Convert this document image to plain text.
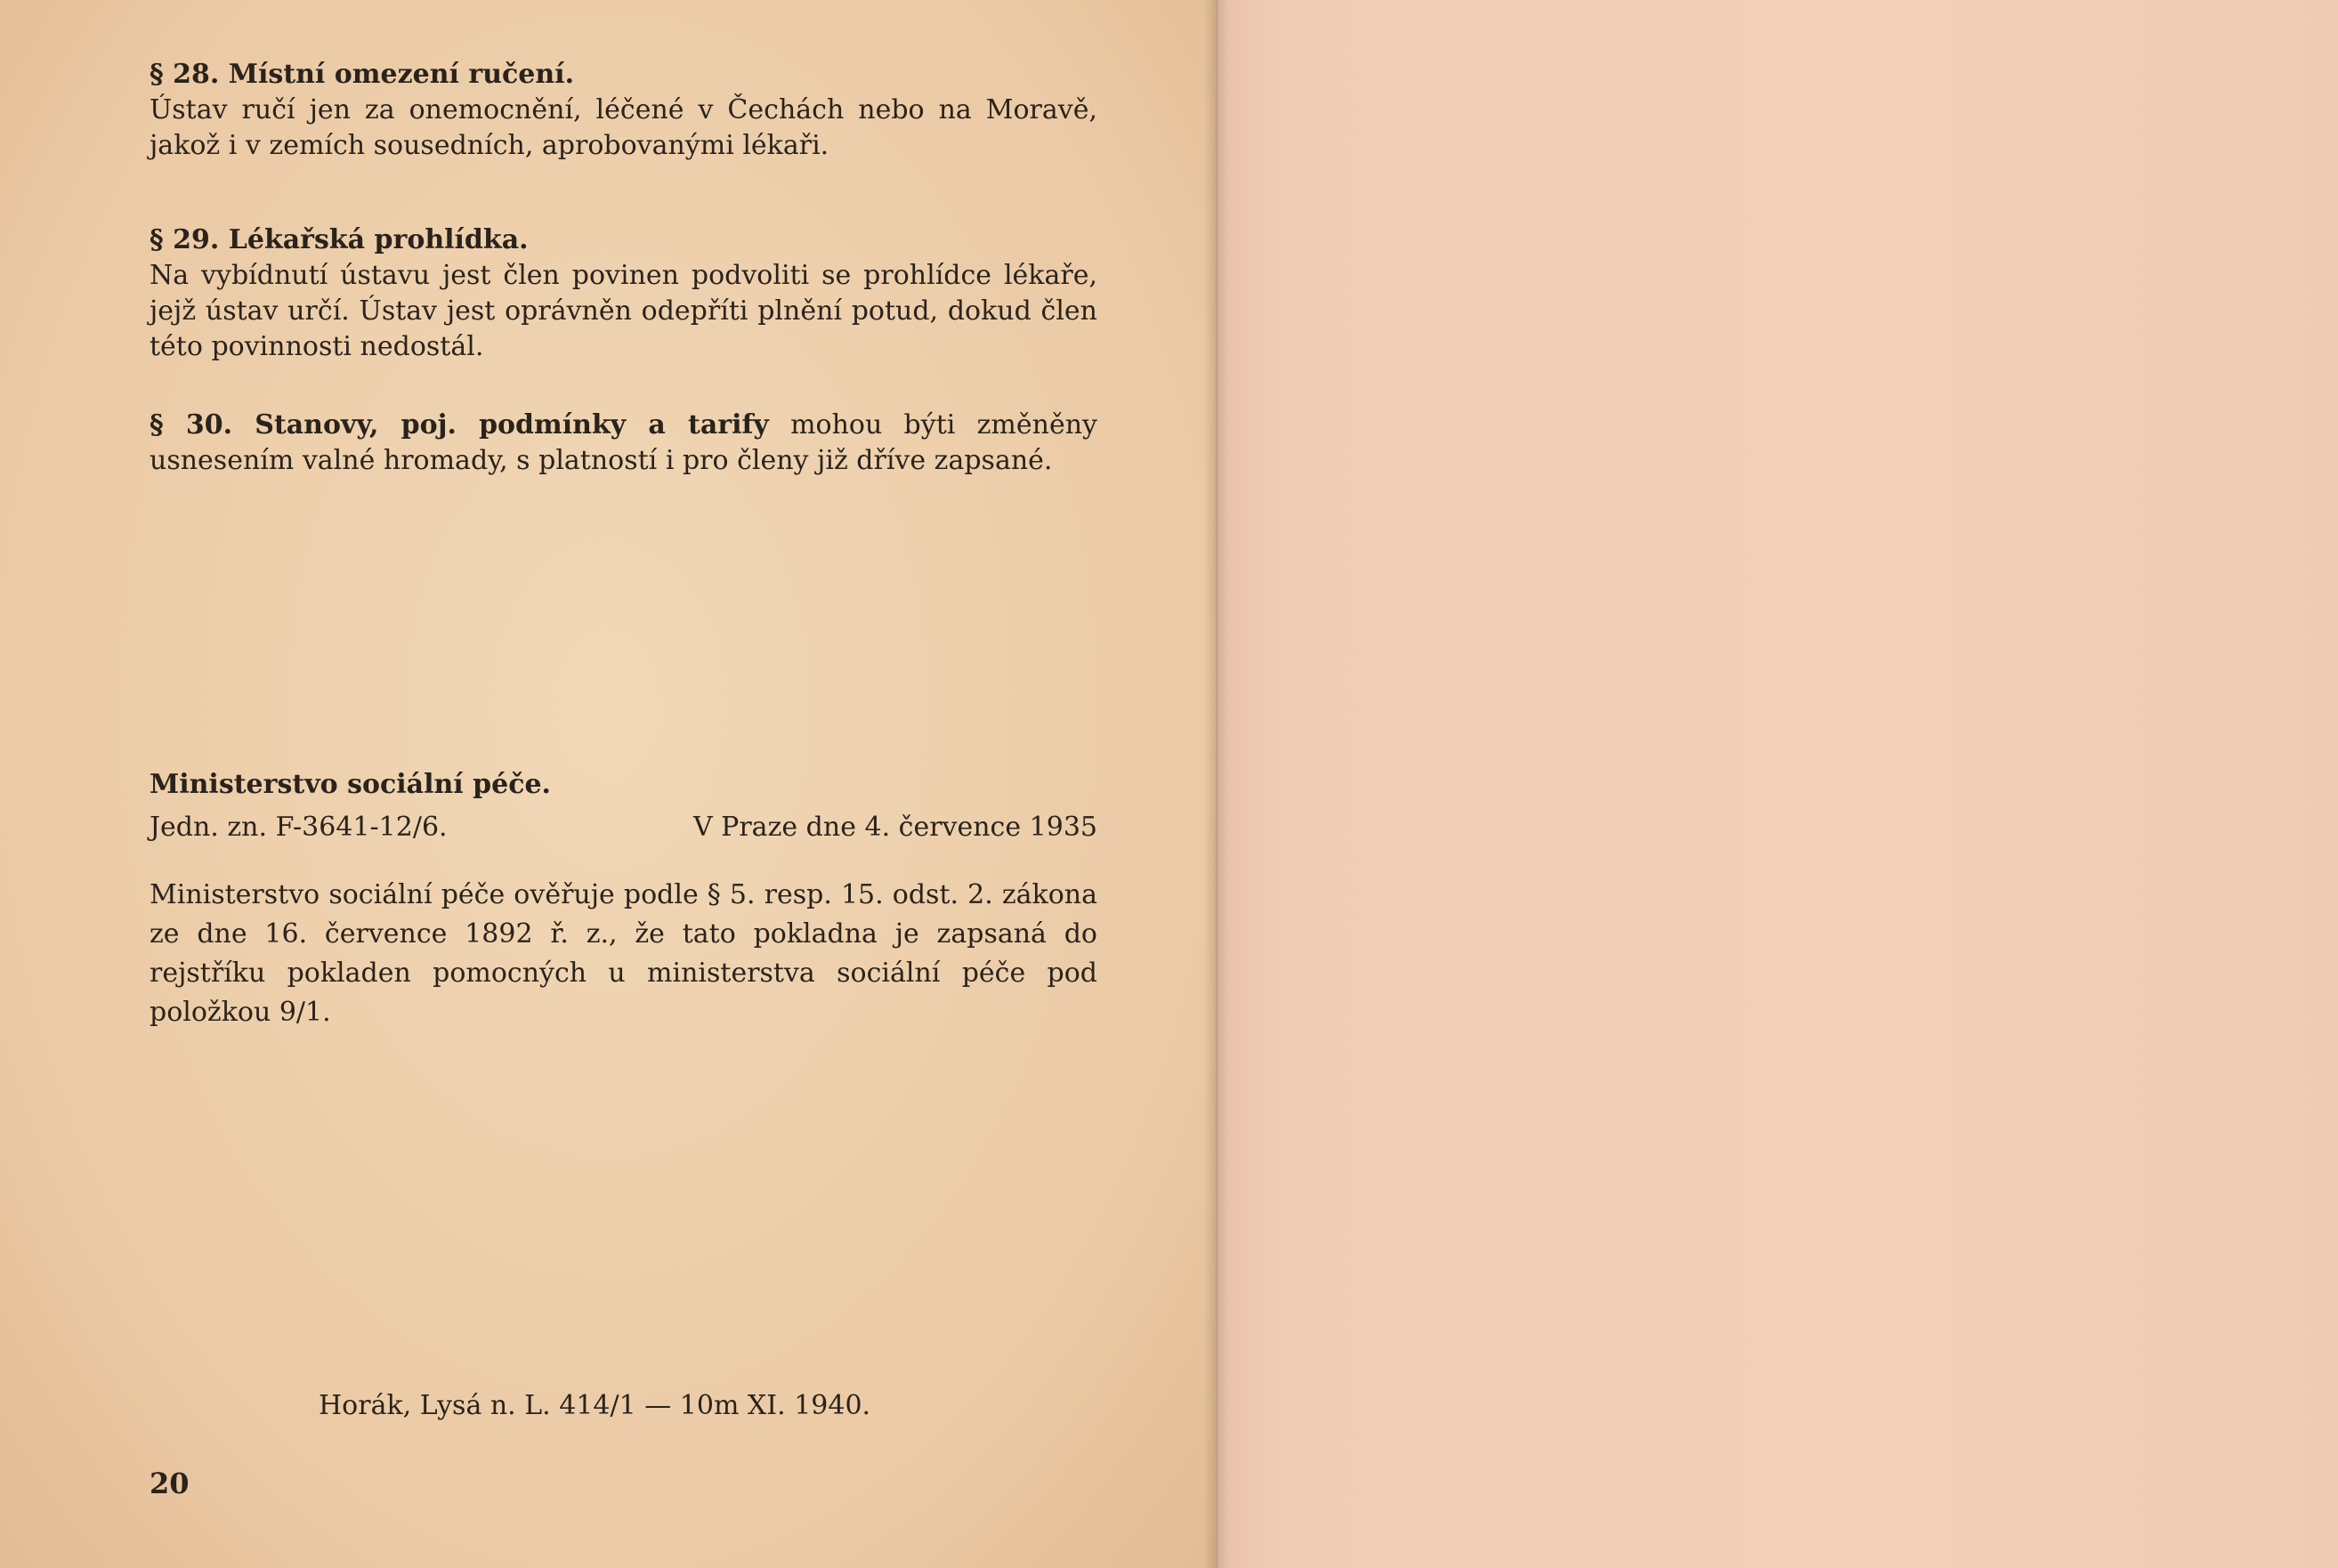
§ 28. Místní omezení ručení.
Ústav ručí jen za onemocnění, léčené v Čechách nebo na Moravě, jakož i v zemích sousedních, aprobovanými lékaři.
§ 29. Lékařská prohlídka.
Na vybídnutí ústavu jest člen povinen podvoliti se prohlídce lékaře, jejž ústav určí. Ústav jest oprávněn odepříti plnění potud, dokud člen této povinnosti nedostál.
§ 30. Stanovy, poj. podmínky a tarify mohou býti změněny usnesením valné hromady, s platností i pro členy již dříve zapsané.
Ministerstvo sociální péče.
Jedn. zn. F-3641-12/6.	V Praze dne 4. července 1935
Ministerstvo sociální péče ověřuje podle § 5. resp. 15. odst. 2. zákona ze dne 16. července 1892 ř. z., že tato pokladna je zapsaná do rejstříku pokladen pomocných u ministerstva sociální péče pod položkou 9/1.
Horák, Lysá n. L. 414/1 — 10m XI. 1940.
20
